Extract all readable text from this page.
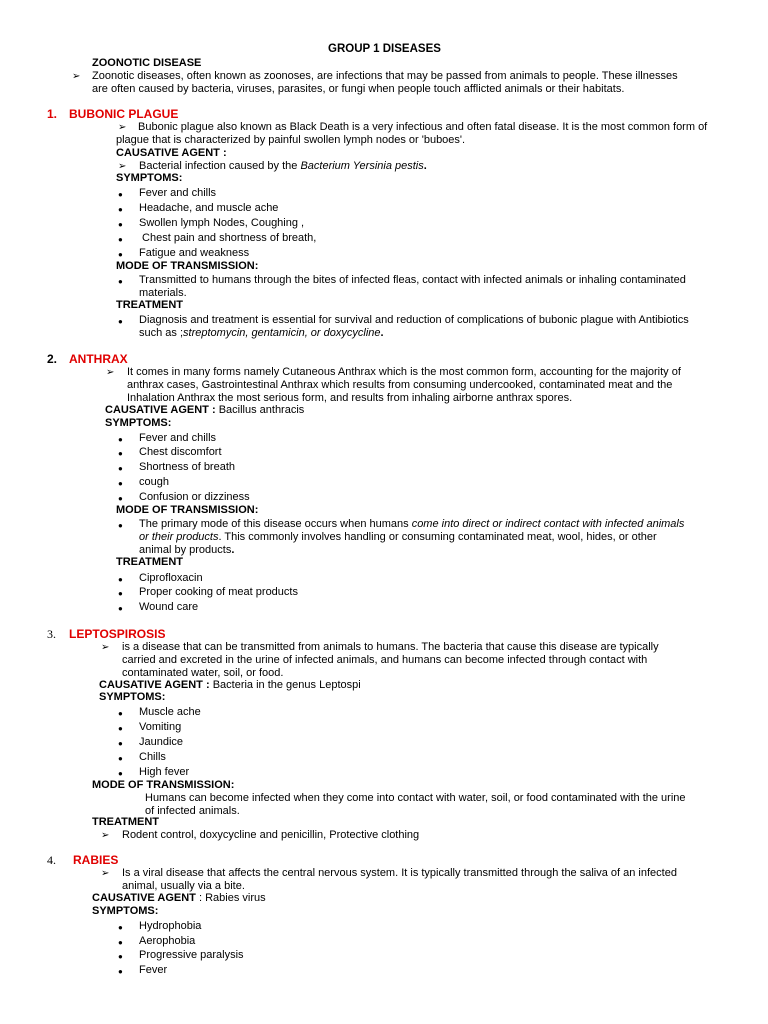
GROUP 1 DISEASES
ZOONOTIC DISEASE
➢ Zoonotic diseases, often known as zoonoses, are infections that may be passed from animals to people. These illnesses
are often caused by bacteria, viruses, parasites, or fungi when people touch afflicted animals or their habitats.
1. BUBONIC PLAGUE
➢	Bubonic plague also known as Black Death is a very infectious and often fatal disease. It is the most common form of
plague that is characterized by painful swollen lymph nodes or 'buboes'.
CAUSATIVE AGENT :
➢ Bacterial infection caused by the Bacterium Yersinia pestis.
SYMPTOMS:
● Fever and chills
● Headache, and muscle ache
● Swollen lymph Nodes, Coughing ,
● Chest pain and shortness of breath,
● Fatigue and weakness
MODE OF TRANSMISSION:
● Transmitted to humans through the bites of infected fleas, contact with infected animals or inhaling contaminated
materials.
TREATMENT
● Diagnosis and treatment is essential for survival and reduction of complications of bubonic plague with Antibiotics
such as ;streptomycin, gentamicin, or doxycycline.
2. ANTHRAX
➢ It comes in many forms namely Cutaneous Anthrax which is the most common form, accounting for the majority of
anthrax cases, Gastrointestinal Anthrax which results from consuming undercooked, contaminated meat and the
Inhalation Anthrax the most serious form, and results from inhaling airborne anthrax spores.
CAUSATIVE AGENT : Bacillus anthracis
SYMPTOMS:
● Fever and chills
● Chest discomfort
● Shortness of breath
● cough
● Confusion or dizziness
MODE OF TRANSMISSION:
● The primary mode of this disease occurs when humans come into direct or indirect contact with infected animals
or their products. This commonly involves handling or consuming contaminated meat, wool, hides, or other
animal by products.
TREATMENT
● Ciprofloxacin
● Proper cooking of meat products
● Wound care
3. LEPTOSPIROSIS
➢ is a disease that can be transmitted from animals to humans. The bacteria that cause this disease are typically
carried and excreted in the urine of infected animals, and humans can become infected through contact with
contaminated water, soil, or food.
CAUSATIVE AGENT : Bacteria in the genus Leptospi
SYMPTOMS:
● Muscle ache
● Vomiting
● Jaundice
● Chills
● High fever
MODE OF TRANSMISSION:
Humans can become infected when they come into contact with water, soil, or food contaminated with the urine
of infected animals.
TREATMENT
➢ Rodent control, doxycycline and penicillin, Protective clothing
4. RABIES
➢ Is a viral disease that affects the central nervous system. It is typically transmitted through the saliva of an infected
animal, usually via a bite.
CAUSATIVE AGENT : Rabies virus
SYMPTOMS:
● Hydrophobia
● Aerophobia
● Progressive paralysis
● Fever
